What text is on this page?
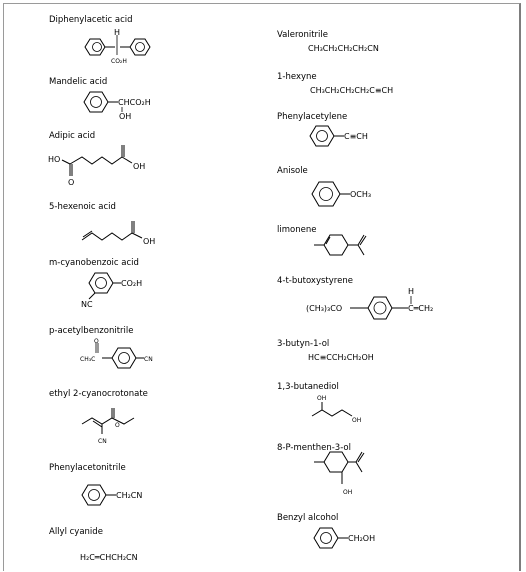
Diphenylacetic acid
H
CO₂H
Mandelic acid
CHCO₂H
OH
Adipic acid
HO
O
OH
5-hexenoic acid
OH
m-cyanobenzoic acid
CO₂H
NC
p-acetylbenzonitrile
CH₃C
O
CN
ethyl 2-cyanocrotonate
O
CN
Phenylacetonitrile
CH₂CN
Allyl cyanide
H₂C═CHCH₂CN
Valeronitrile
CH₃CH₂CH₂CH₂CN
1-hexyne
CH₃CH₂CH₂CH₂C≡CH
Phenylacetylene
C≡CH
Anisole
OCH₃
limonene
4-t-butoxystyrene
(CH₃)₃CO
H
C═CH₂
3-butyn-1-ol
HC≡CCH₂CH₂OH
1,3-butanediol
OH
OH
8-P-menthen-3-ol
OH
Benzyl alcohol
CH₂OH
